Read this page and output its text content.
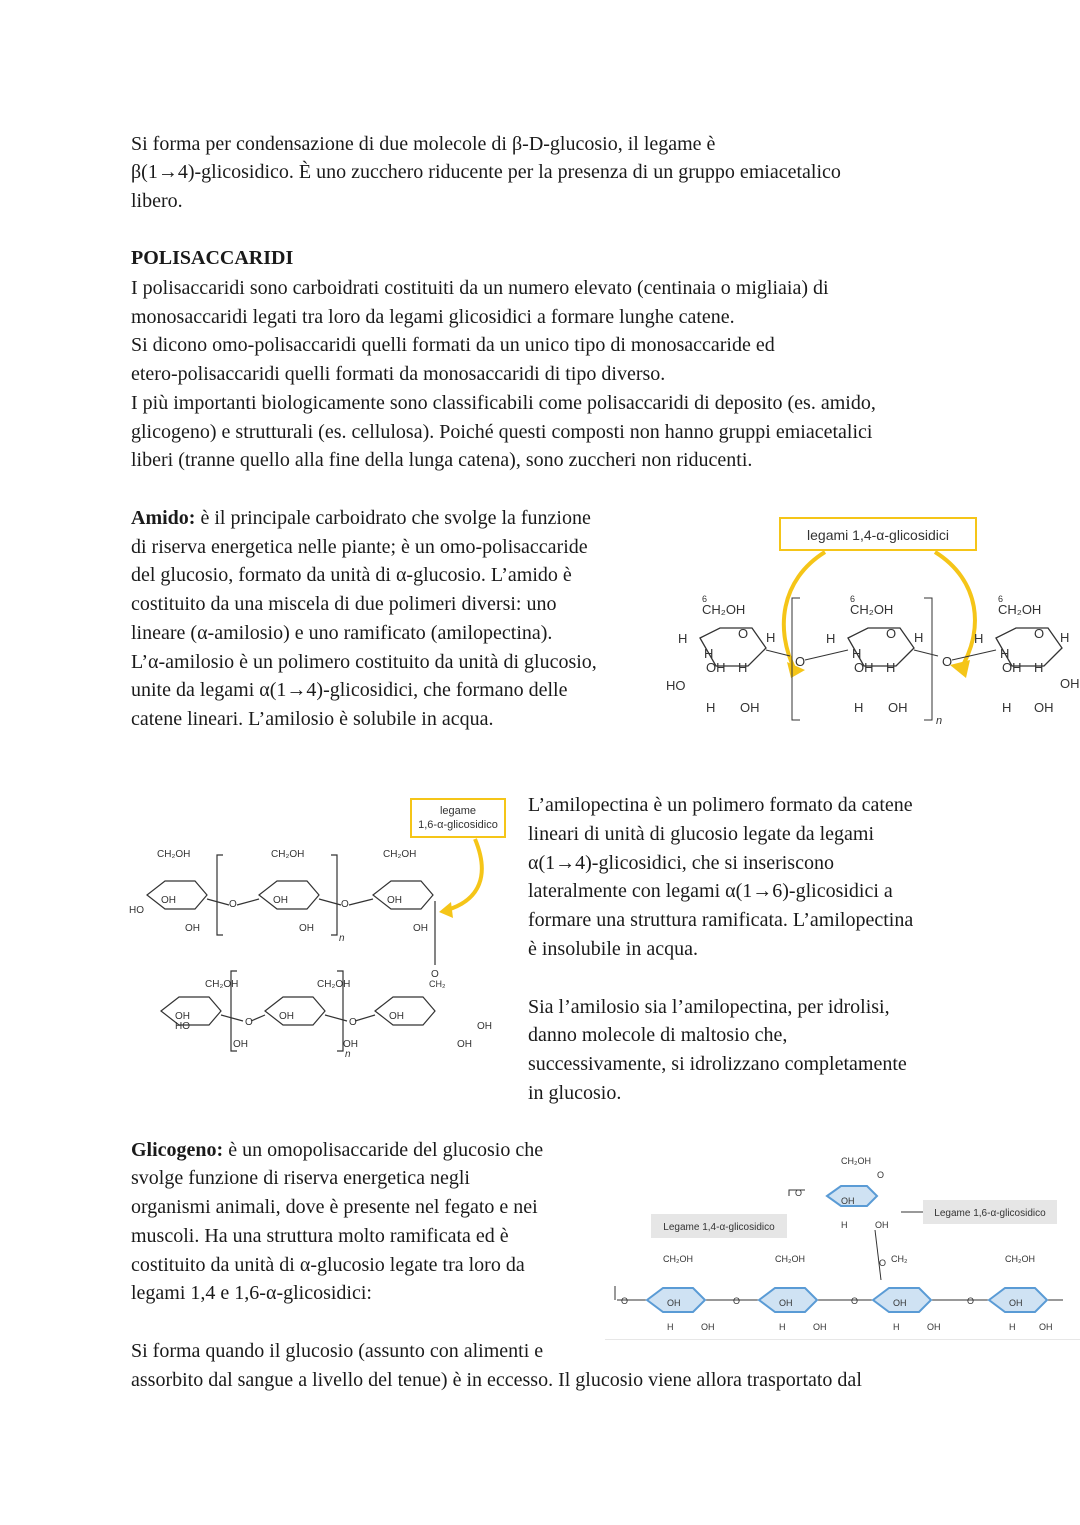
Si forma per condensazione di due molecole di β-D-glucosio, il legame è

β(1→4)-glicosidico. È uno zucchero riducente per la presenza di un gruppo emiacetalico

libero.

POLISACCARIDI

I polisaccaridi sono carboidrati costituiti da un numero elevato (centinaia o migliaia) di

monosaccaridi legati tra loro da legami glicosidici a formare lunghe catene.

Si dicono omo-polisaccaridi quelli formati da un unico tipo di monosaccaride ed

etero-polisaccaridi quelli formati da monosaccaridi di tipo diverso.

I più importanti biologicamente sono classificabili come polisaccaridi di deposito (es. amido,

glicogeno) e strutturali (es. cellulosa). Poiché questi composti non hanno gruppi emiacetalici

liberi (tranne quello alla fine della lunga catena), sono zuccheri non riducenti.

Amido: è il principale carboidrato che svolge la funzione

di riserva energetica nelle piante; è un omo-polisaccaride

del glucosio, formato da unità di α-glucosio. L’amido è

costituito da una miscela di due polimeri diversi: uno

lineare (α-amilosio) e uno ramificato (amilopectina).

L’α-amilosio è un polimero costituito da unità di glucosio,

unite da legami α(1→4)-glicosidici, che formano delle

catene lineari. L’amilosio è solubile in acqua.

legami 1,4-α-glicosidici
6
CH₂OH
H	O H
H
OH H
HO
H OH
O
6
CH₂OH
H	O H
H
OH H
H OH
O
n
6
CH₂OH
H	O H
H
OH H
OH
H OH
legame
1,6-α-glicosidico
CH₂OH	CH₂OH	CH₂OH
OH	OH	OH
HO
OH	OH	OH
O	O
n
O
CH₂
CH₂OH	CH₂OH
OH	OH	OH
HO
OH	OH	OH
OH
O	O
n

L’amilopectina è un polimero formato da catene

lineari di unità di glucosio legate da legami

α(1→4)-glicosidici, che si inseriscono

lateralmente con legami α(1→6)-glicosidici a

formare una struttura ramificata. L’amilopectina

è insolubile in acqua.

Sia l’amilosio sia l’amilopectina, per idrolisi,

danno molecole di maltosio che,

successivamente, si idrolizzano completamente

in glucosio.

Glicogeno: è un omopolisaccaride del glucosio che

svolge funzione di riserva energetica negli

organismi animali, dove è presente nel fegato e nei

muscoli. Ha una struttura molto ramificata ed è

costituito da unità di α-glucosio legate tra loro da

legami 1,4 e 1,6-α-glicosidici:

Legame 1,4-α-glicosidico
Legame 1,6-α-glicosidico
CH₂OH
OH
O
H	OH
O
O
O
CH₂OH
OH
H	OH
O
CH₂OH
OH
H	OH
O
CH₂
OH
H	OH
O
CH₂OH
OH
H	OH

Si forma quando il glucosio (assunto con alimenti e

assorbito dal sangue a livello del tenue) è in eccesso. Il glucosio viene allora trasportato dal
